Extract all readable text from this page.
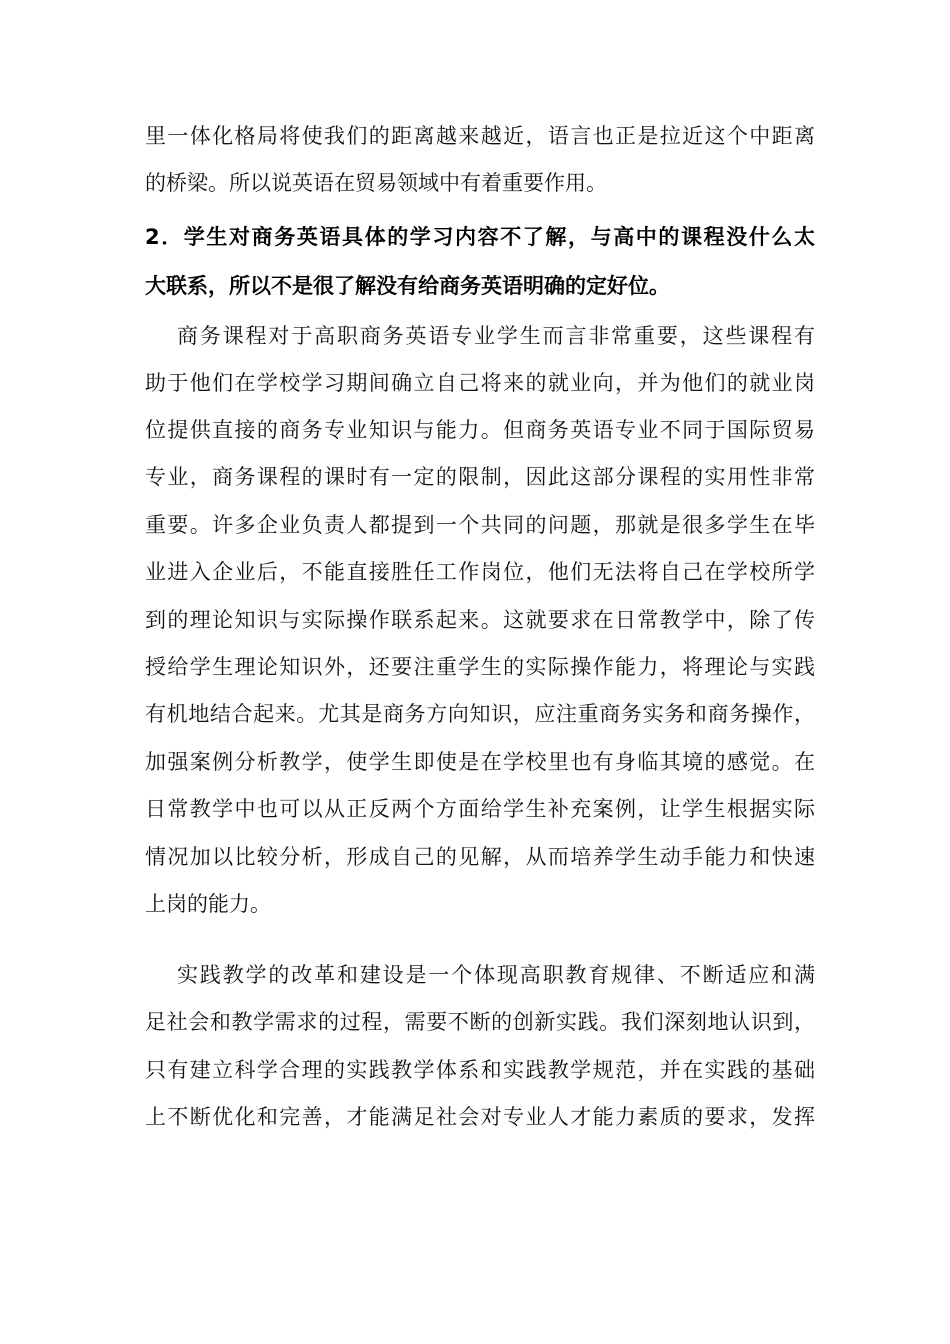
里一体化格局将使我们的距离越来越近，语言也正是拉近这个中距离
的桥梁。所以说英语在贸易领域中有着重要作用。
2．学生对商务英语具体的学习内容不了解，与高中的课程没什么太
大联系，所以不是很了解没有给商务英语明确的定好位。
商务课程对于高职商务英语专业学生而言非常重要，这些课程有
助于他们在学校学习期间确立自己将来的就业向，并为他们的就业岗
位提供直接的商务专业知识与能力。但商务英语专业不同于国际贸易
专业，商务课程的课时有一定的限制，因此这部分课程的实用性非常
重要。许多企业负责人都提到一个共同的问题，那就是很多学生在毕
业进入企业后，不能直接胜任工作岗位，他们无法将自己在学校所学
到的理论知识与实际操作联系起来。这就要求在日常教学中，除了传
授给学生理论知识外，还要注重学生的实际操作能力，将理论与实践
有机地结合起来。尤其是商务方向知识，应注重商务实务和商务操作，
加强案例分析教学，使学生即使是在学校里也有身临其境的感觉。在
日常教学中也可以从正反两个方面给学生补充案例，让学生根据实际
情况加以比较分析，形成自己的见解，从而培养学生动手能力和快速
上岗的能力。
实践教学的改革和建设是一个体现高职教育规律、不断适应和满
足社会和教学需求的过程，需要不断的创新实践。我们深刻地认识到，
只有建立科学合理的实践教学体系和实践教学规范，并在实践的基础
上不断优化和完善，才能满足社会对专业人才能力素质的要求，发挥
